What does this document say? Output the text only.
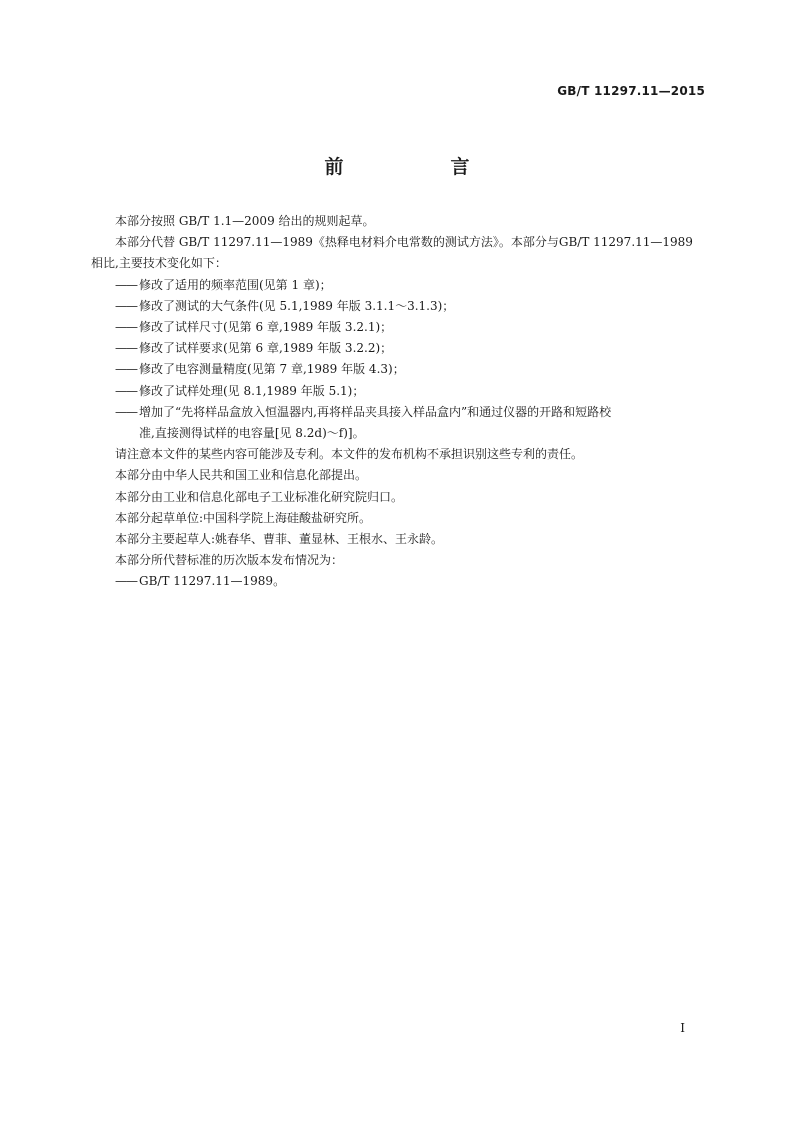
GB/T 11297.11—2015
前　言

本部分按照 GB/T 1.1—2009 给出的规则起草。

本部分代替 GB/T 11297.11—1989《热释电材料介电常数的测试方法》。本部分与GB/T 11297.11—1989

相比,主要技术变化如下：

—— 修改了适用的频率范围(见第 1 章)；

—— 修改了测试的大气条件(见 5.1,1989 年版 3.1.1～3.1.3)；

—— 修改了试样尺寸(见第 6 章,1989 年版 3.2.1)；

—— 修改了试样要求(见第 6 章,1989 年版 3.2.2)；

—— 修改了电容测量精度(见第 7 章,1989 年版 4.3)；

—— 修改了试样处理(见 8.1,1989 年版 5.1)；

—— 增加了“先将样品盒放入恒温器内,再将样品夹具接入样品盒内”和通过仪器的开路和短路校

准,直接测得试样的电容量[见 8.2d)～f)]。

请注意本文件的某些内容可能涉及专利。本文件的发布机构不承担识别这些专利的责任。

本部分由中华人民共和国工业和信息化部提出。

本部分由工业和信息化部电子工业标准化研究院归口。

本部分起草单位:中国科学院上海硅酸盐研究所。

本部分主要起草人:姚春华、曹菲、董显林、王根水、王永龄。

本部分所代替标准的历次版本发布情况为：

—— GB/T 11297.11—1989。

I
